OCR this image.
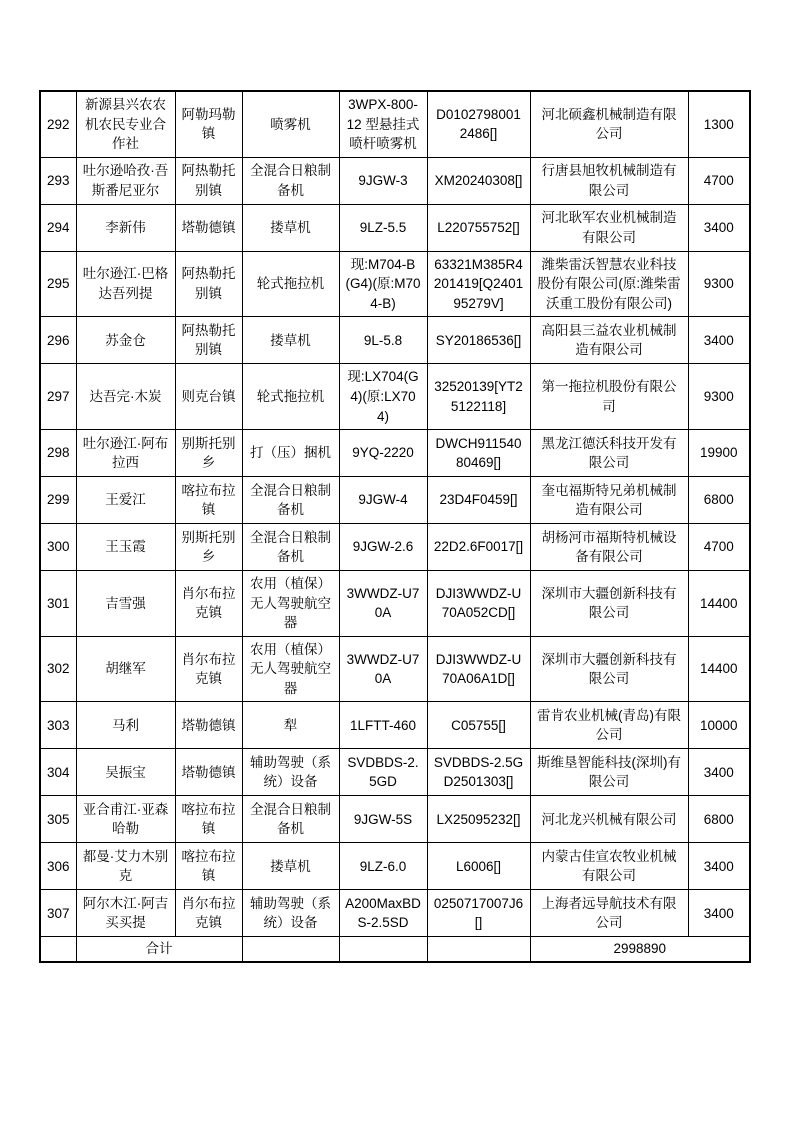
292	新源县兴农农机农民专业合作社	阿勒玛勒镇	喷雾机	3WPX-800-12 型悬挂式喷杆喷雾机	D01027980012486[]	河北硕鑫机械制造有限公司	1300
293	吐尔逊哈孜·吾斯番尼亚尔	阿热勒托别镇	全混合日粮制备机	9JGW-3	XM20240308[]	行唐县旭牧机械制造有限公司	4700
294	李新伟	塔勒德镇	搂草机	9LZ-5.5	L220755752[]	河北耿军农业机械制造有限公司	3400
295	吐尔逊江·巴格达吾列提	阿热勒托别镇	轮式拖拉机	现:M704-B(G4)(原:M704-B)	63321M385R4201419[Q240195279V]	潍柴雷沃智慧农业科技股份有限公司(原:潍柴雷沃重工股份有限公司)	9300
296	苏金仓	阿热勒托别镇	搂草机	9L-5.8	SY20186536[]	高阳县三益农业机械制造有限公司	3400
297	达吾完·木炭	则克台镇	轮式拖拉机	现:LX704(G4)(原:LX704)	32520139[YT25122118]	第一拖拉机股份有限公司	9300
298	吐尔逊江·阿布拉西	别斯托别乡	打（压）捆机	9YQ-2220	DWCH91154080469[]	黑龙江德沃科技开发有限公司	19900
299	王爱江	喀拉布拉镇	全混合日粮制备机	9JGW-4	23D4F0459[]	奎屯福斯特兄弟机械制造有限公司	6800
300	王玉霞	别斯托别乡	全混合日粮制备机	9JGW-2.6	22D2.6F0017[]	胡杨河市福斯特机械设备有限公司	4700
301	吉雪强	肖尔布拉克镇	农用（植保）无人驾驶航空器	3WWDZ-U70A	DJI3WWDZ-U70A052CD[]	深圳市大疆创新科技有限公司	14400
302	胡继军	肖尔布拉克镇	农用（植保）无人驾驶航空器	3WWDZ-U70A	DJI3WWDZ-U70A06A1D[]	深圳市大疆创新科技有限公司	14400
303	马利	塔勒德镇	犁	1LFTT-460	C05755[]	雷肯农业机械(青岛)有限公司	10000
304	吴振宝	塔勒德镇	辅助驾驶（系统）设备	SVDBDS-2.5GD	SVDBDS-2.5GD2501303[]	斯维垦智能科技(深圳)有限公司	3400
305	亚合甫江·亚森哈勒	喀拉布拉镇	全混合日粮制备机	9JGW-5S	LX25095232[]	河北龙兴机械有限公司	6800
306	都曼·艾力木别克	喀拉布拉镇	搂草机	9LZ-6.0	L6006[]	内蒙古佳宣农牧业机械有限公司	3400
307	阿尔木江·阿吉买买提	肖尔布拉克镇	辅助驾驶（系统）设备	A200MaxBDS-2.5SD	0250717007J6[]	上海者远导航技术有限公司	3400
	合计					2998890	
